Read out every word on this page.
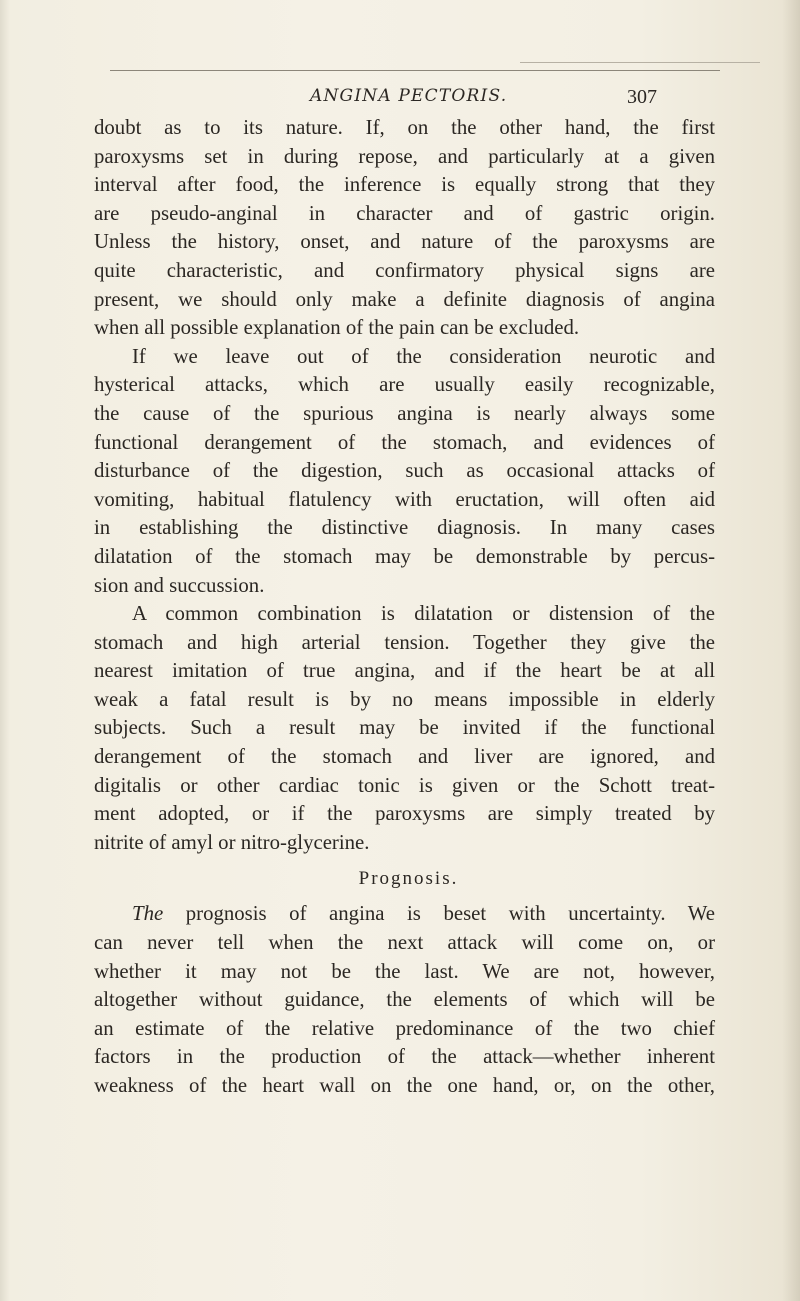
ANGINA PECTORIS.	307
doubt as to its nature. If, on the other hand, the first
paroxysms set in during repose, and particularly at a given
interval after food, the inference is equally strong that they
are pseudo-anginal in character and of gastric origin.
Unless the history, onset, and nature of the paroxysms are
quite characteristic, and confirmatory physical signs are
present, we should only make a definite diagnosis of angina
when all possible explanation of the pain can be excluded.
If we leave out of the consideration neurotic and
hysterical attacks, which are usually easily recognizable,
the cause of the spurious angina is nearly always some
functional derangement of the stomach, and evidences of
disturbance of the digestion, such as occasional attacks of
vomiting, habitual flatulency with eructation, will often aid
in establishing the distinctive diagnosis. In many cases
dilatation of the stomach may be demonstrable by percus-
sion and succussion.
A common combination is dilatation or distension of the
stomach and high arterial tension. Together they give the
nearest imitation of true angina, and if the heart be at all
weak a fatal result is by no means impossible in elderly
subjects. Such a result may be invited if the functional
derangement of the stomach and liver are ignored, and
digitalis or other cardiac tonic is given or the Schott treat-
ment adopted, or if the paroxysms are simply treated by
nitrite of amyl or nitro-glycerine.
Prognosis.
The prognosis of angina is beset with uncertainty. We
can never tell when the next attack will come on, or
whether it may not be the last. We are not, however,
altogether without guidance, the elements of which will be
an estimate of the relative predominance of the two chief
factors in the production of the attack—whether inherent
weakness of the heart wall on the one hand, or, on the other,
